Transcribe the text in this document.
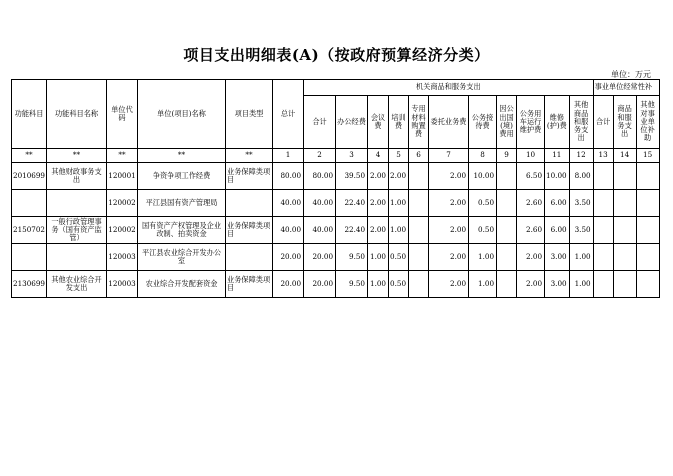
项目支出明细表(A)（按政府预算经济分类）
单位：万元
功能科目	功能科目名称	单位代码	单位(项目)名称	项目类型	总计	机关商品和服务支出											事业单位经常性补		
						合计	办公经费	会议费	培训费	专用材料购置费	委托业务费	公务接待费	因公出国(境)费用	公务用车运行维护费	维修(护)费	其他商品和服务支出	合计	商品和服务支出	其他对事业单位补助
**	**	**	**	**	1	2	3	4	5	6	7	8	9	10	11	12	13	14	15
2010699	其他财政事务支出	120001	争资争项工作经费	业务保障类项目	80.00	80.00	39.50	2.00	2.00		2.00	10.00		6.50	10.00	8.00			
		120002	平江县国有资产管理局		40.00	40.00	22.40	2.00	1.00		2.00	0.50		2.60	6.00	3.50			
2150702	一般行政管理事务（国有资产监管）	120002	国有资产产权管理及企业改制、拍卖资金	业务保障类项目	40.00	40.00	22.40	2.00	1.00		2.00	0.50		2.60	6.00	3.50			
		120003	平江县农业综合开发办公室		20.00	20.00	9.50	1.00	0.50		2.00	1.00		2.00	3.00	1.00			
2130699	其他农业综合开发支出	120003	农业综合开发配套资金	业务保障类项目	20.00	20.00	9.50	1.00	0.50		2.00	1.00		2.00	3.00	1.00			
